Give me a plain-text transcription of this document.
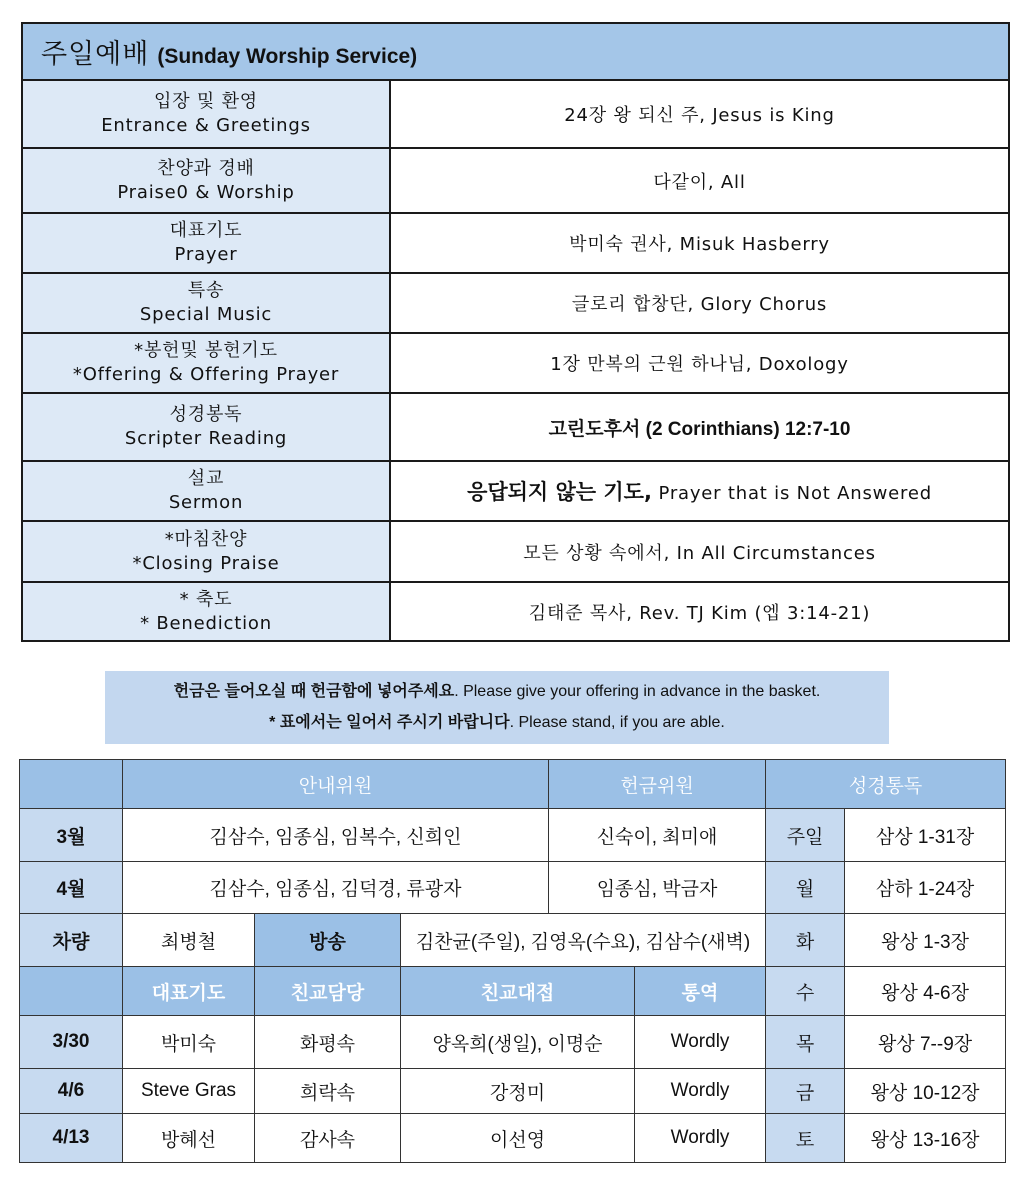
주일예배 (Sunday Worship Service)	

입장 및 환영
Entrance & Greetings	24장 왕 되신 주, Jesus is King

찬양과 경배
Praise0 & Worship	다같이, All

대표기도
Prayer	박미숙 권사, Misuk Hasberry

특송
Special Music	글로리 합창단, Glory Chorus

*봉헌및 봉헌기도
*Offering & Offering Prayer	1장 만복의 근원 하나님, Doxology

성경봉독
Scripter Reading	고린도후서 (2 Corinthians) 12:7-10

설교
Sermon	응답되지 않는 기도, Prayer that is Not Answered

*마침찬양
*Closing Praise	모든 상황 속에서, In All Circumstances

* 축도
* Benediction	김태준 목사, Rev. TJ Kim (엡 3:14-21)
헌금은 들어오실 때 헌금함에 넣어주세요. Please give your offering in advance in the basket.
* 표에서는 일어서 주시기 바랍니다. Please stand, if you are able.
	안내위원			헌금위원		성경통독	
3월	김삼수, 임종심, 임복수, 신희인			신숙이, 최미애		주일	삼상 1-31장
4월	김삼수, 임종심, 김덕경, 류광자			임종심, 박금자		월	삼하 1-24장
차량	최병철	방송	김찬균(주일), 김영옥(수요), 김삼수(새벽)			화	왕상 1-3장
	대표기도	친교담당	친교대접		통역	수	왕상 4-6장
3/30	박미숙	화평속	양옥희(생일), 이명순		Wordly	목	왕상 7--9장
4/6	Steve Gras	희락속	강정미		Wordly	금	왕상 10-12장
4/13	방혜선	감사속	이선영		Wordly	토	왕상 13-16장
